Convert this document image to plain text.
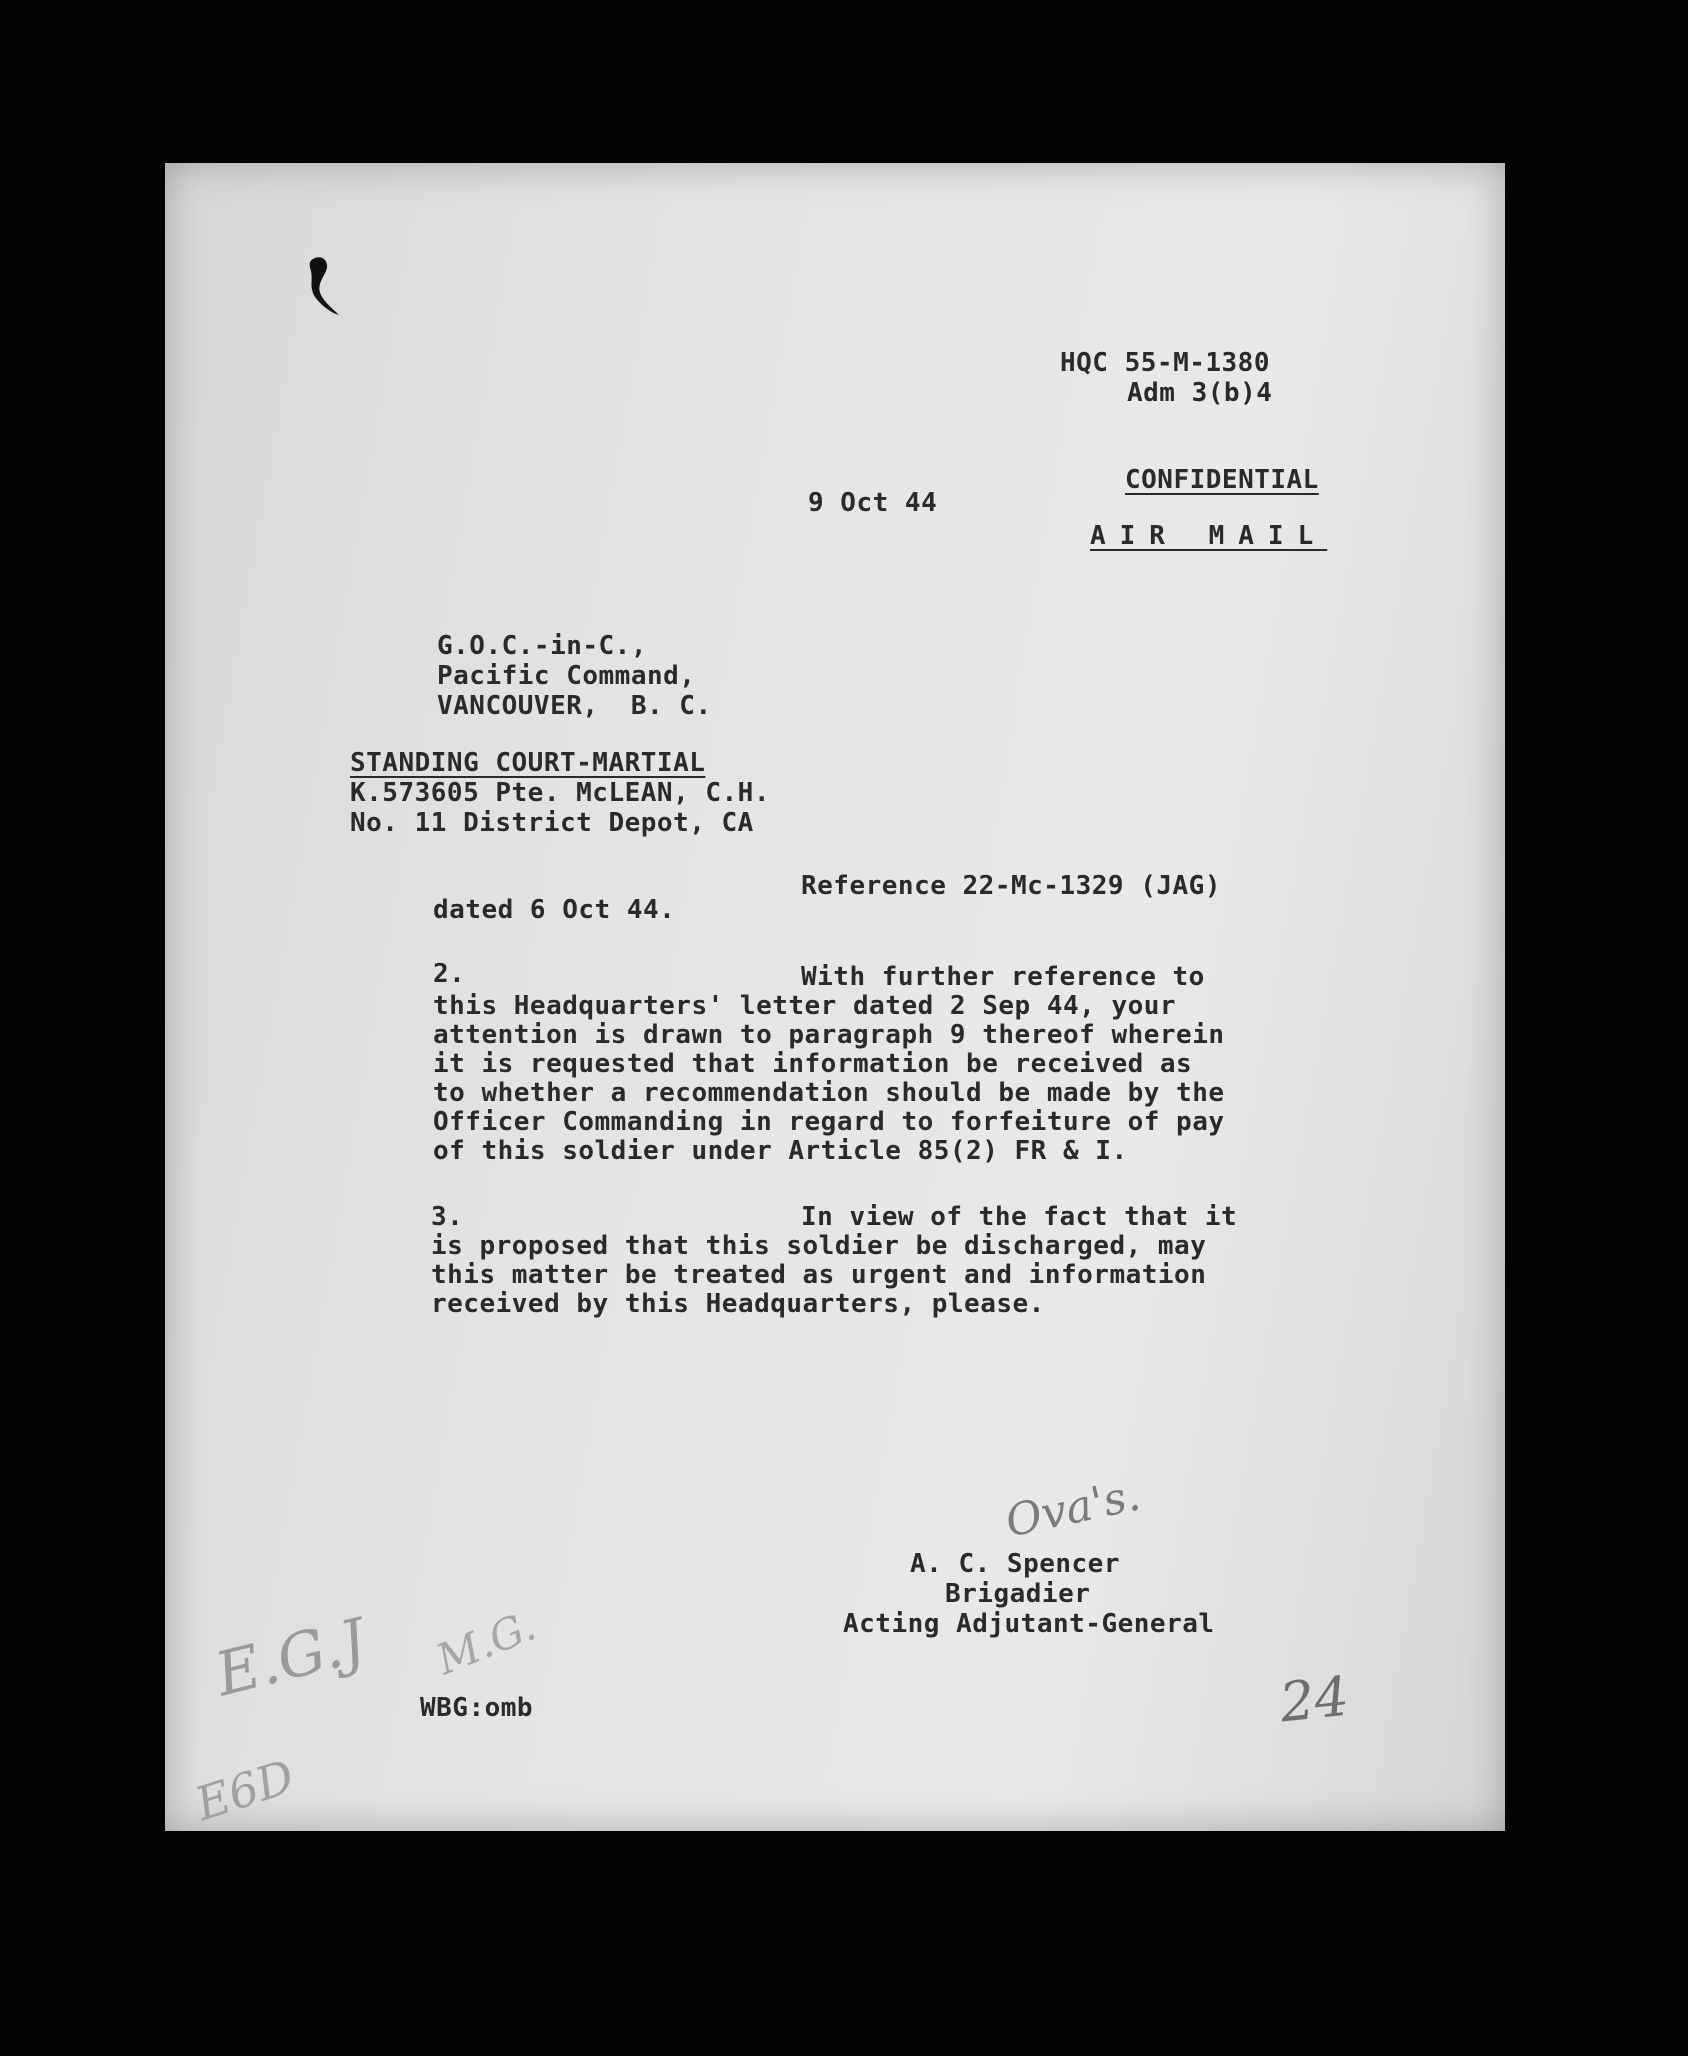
HQC 55-M-1380
Adm 3(b)4
9 Oct 44
CONFIDENTIAL
AIR MAIL
G.O.C.-in-C.,
Pacific Command,
VANCOUVER,  B. C.
STANDING COURT-MARTIAL
K.573605 Pte. McLEAN, C.H.
No. 11 District Depot, CA
Reference 22-Mc-1329 (JAG)
dated 6 Oct 44.
2.	With further reference to
this Headquarters' letter dated 2 Sep 44, your
attention is drawn to paragraph 9 thereof wherein
it is requested that information be received as
to whether a recommendation should be made by the
Officer Commanding in regard to forfeiture of pay
of this soldier under Article 85(2) FR & I.
3.	In view of the fact that it
is proposed that this soldier be discharged, may
this matter be treated as urgent and information
received by this Headquarters, please.
Ova's.
A. C. Spencer
Brigadier
Acting Adjutant-General
WBG:omb	24
E.G.J
E6D
M.G.
